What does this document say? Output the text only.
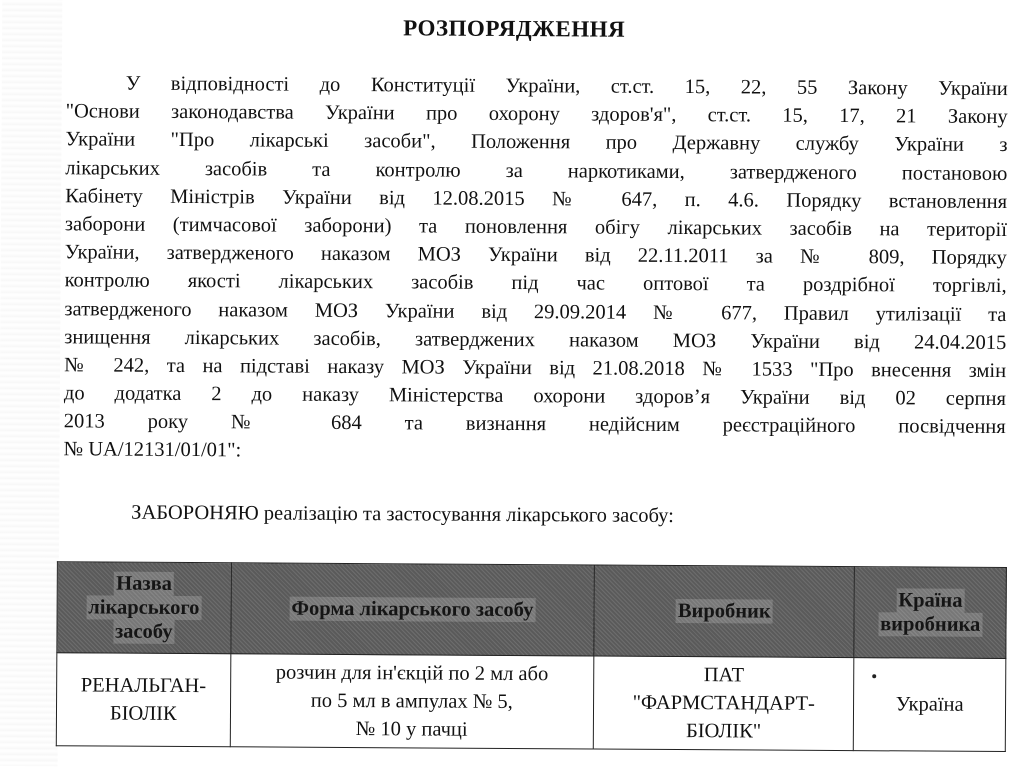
РОЗПОРЯДЖЕННЯ
У відповідності до Конституції України, ст.ст. 15, 22, 55 Закону України
"Основи законодавства України про охорону здоров'я", ст.ст. 15, 17, 21 Закону
України "Про лікарські засоби", Положення про Державну службу України з
лікарських засобів та контролю за наркотиками, затвердженого постановою
Кабінету Міністрів України від 12.08.2015 № 647, п. 4.6. Порядку встановлення
заборони (тимчасової заборони) та поновлення обігу лікарських засобів на території
України, затвердженого наказом МОЗ України від 22.11.2011 за № 809, Порядку
контролю якості лікарських засобів під час оптової та роздрібної торгівлі,
затвердженого наказом МОЗ України від 29.09.2014 № 677, Правил утилізації та
знищення лікарських засобів, затверджених наказом МОЗ України від 24.04.2015
№ 242, та на підставі наказу МОЗ України від 21.08.2018 № 1533 "Про внесення змін
до додатка 2 до наказу Міністерства охорони здоров’я України від 02 серпня
2013 року № 684 та визнання недійсним реєстраційного посвідчення
№ UA/12131/01/01":
ЗАБОРОНЯЮ реалізацію та застосування лікарського засобу:
Назва
лікарського
засобу	Форма лікарського засобу	Виробник	Країна
виробника
РЕНАЛЬГАН-
БІОЛІК	розчин для ін'єкцій по 2 мл або
по 5 мл в ампулах № 5,
№ 10 у пачці	ПАТ
"ФАРМСТАНДАРТ-
БІОЛІК"	Україна
